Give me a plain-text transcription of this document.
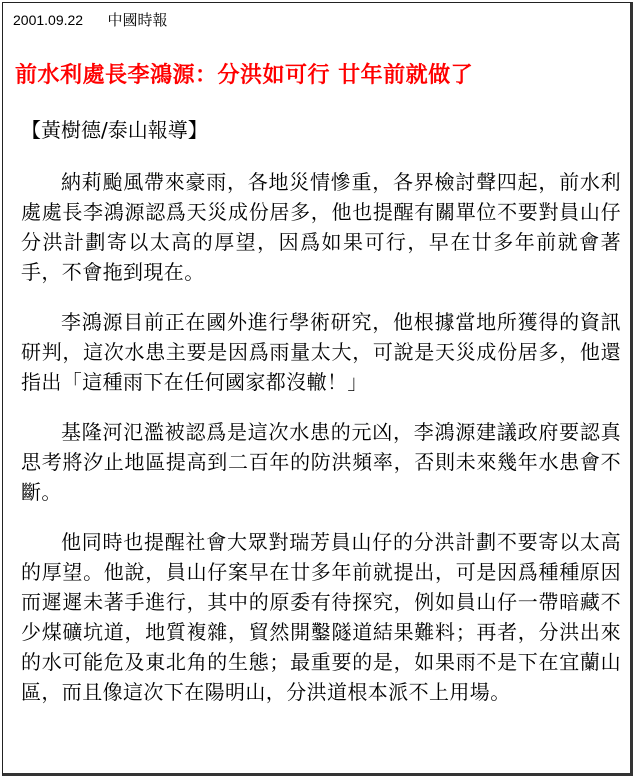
2001.09.22 中國時報
前水利處長李鴻源：分洪如可行 廿年前就做了
【黃樹德/泰山報導】

納莉颱風帶來豪雨，各地災情慘重，各界檢討聲四起，前水利處處長李鴻源認爲天災成份居多，他也提醒有關單位不要對員山仔分洪計劃寄以太高的厚望，因爲如果可行，早在廿多年前就會著手，不會拖到現在。

李鴻源目前正在國外進行學術研究，他根據當地所獲得的資訊研判，這次水患主要是因爲雨量太大，可說是天災成份居多，他還指出「這種雨下在任何國家都沒轍！」

基隆河氾濫被認爲是這次水患的元凶，李鴻源建議政府要認真思考將汐止地區提高到二百年的防洪頻率，否則未來幾年水患會不斷。

他同時也提醒社會大眾對瑞芳員山仔的分洪計劃不要寄以太高的厚望。他說，員山仔案早在廿多年前就提出，可是因爲種種原因而遲遲未著手進行，其中的原委有待探究，例如員山仔一帶暗藏不少煤礦坑道，地質複雜，貿然開鑿隧道結果難料；再者，分洪出來的水可能危及東北角的生態；最重要的是，如果雨不是下在宜蘭山區，而且像這次下在陽明山，分洪道根本派不上用場。
